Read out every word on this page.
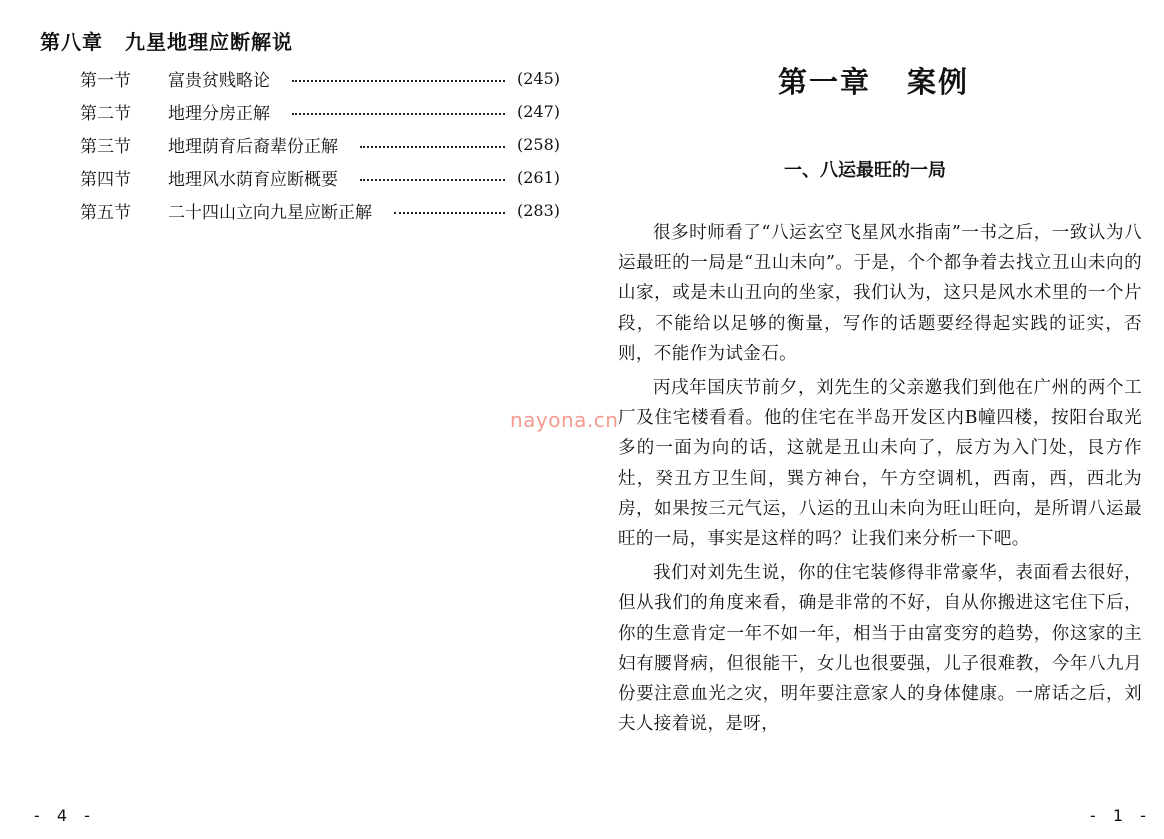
第八章 九星地理应断解说
第一节	富贵贫贱略论	(245)
第二节	地理分房正解	(247)
第三节	地理荫育后裔辈份正解	(258)
第四节	地理风水荫育应断概要	(261)
第五节	二十四山立向九星应断正解	(283)
- 4 -
第一章 案例
一、八运最旺的一局

很多时师看了“八运玄空飞星风水指南”一书之后，一致认为八运最旺的一局是“丑山未向”。于是，个个都争着去找立丑山未向的山家，或是未山丑向的坐家，我们认为，这只是风水术里的一个片段，不能给以足够的衡量，写作的话题要经得起实践的证实，否则，不能作为试金石。

丙戌年国庆节前夕，刘先生的父亲邀我们到他在广州的两个工厂及住宅楼看看。他的住宅在半岛开发区内B幢四楼，按阳台取光多的一面为向的话，这就是丑山未向了，辰方为入门处，艮方作灶，癸丑方卫生间，巽方神台，午方空调机，西南，西，西北为房，如果按三元气运，八运的丑山未向为旺山旺向，是所谓八运最旺的一局，事实是这样的吗？让我们来分析一下吧。

我们对刘先生说，你的住宅装修得非常豪华，表面看去很好，但从我们的角度来看，确是非常的不好，自从你搬进这宅住下后，你的生意肯定一年不如一年，相当于由富变穷的趋势，你这家的主妇有腰肾病，但很能干，女儿也很要强，儿子很难教，今年八九月份要注意血光之灾，明年要注意家人的身体健康。一席话之后，刘夫人接着说，是呀，

- 1 -
nayona.cn
